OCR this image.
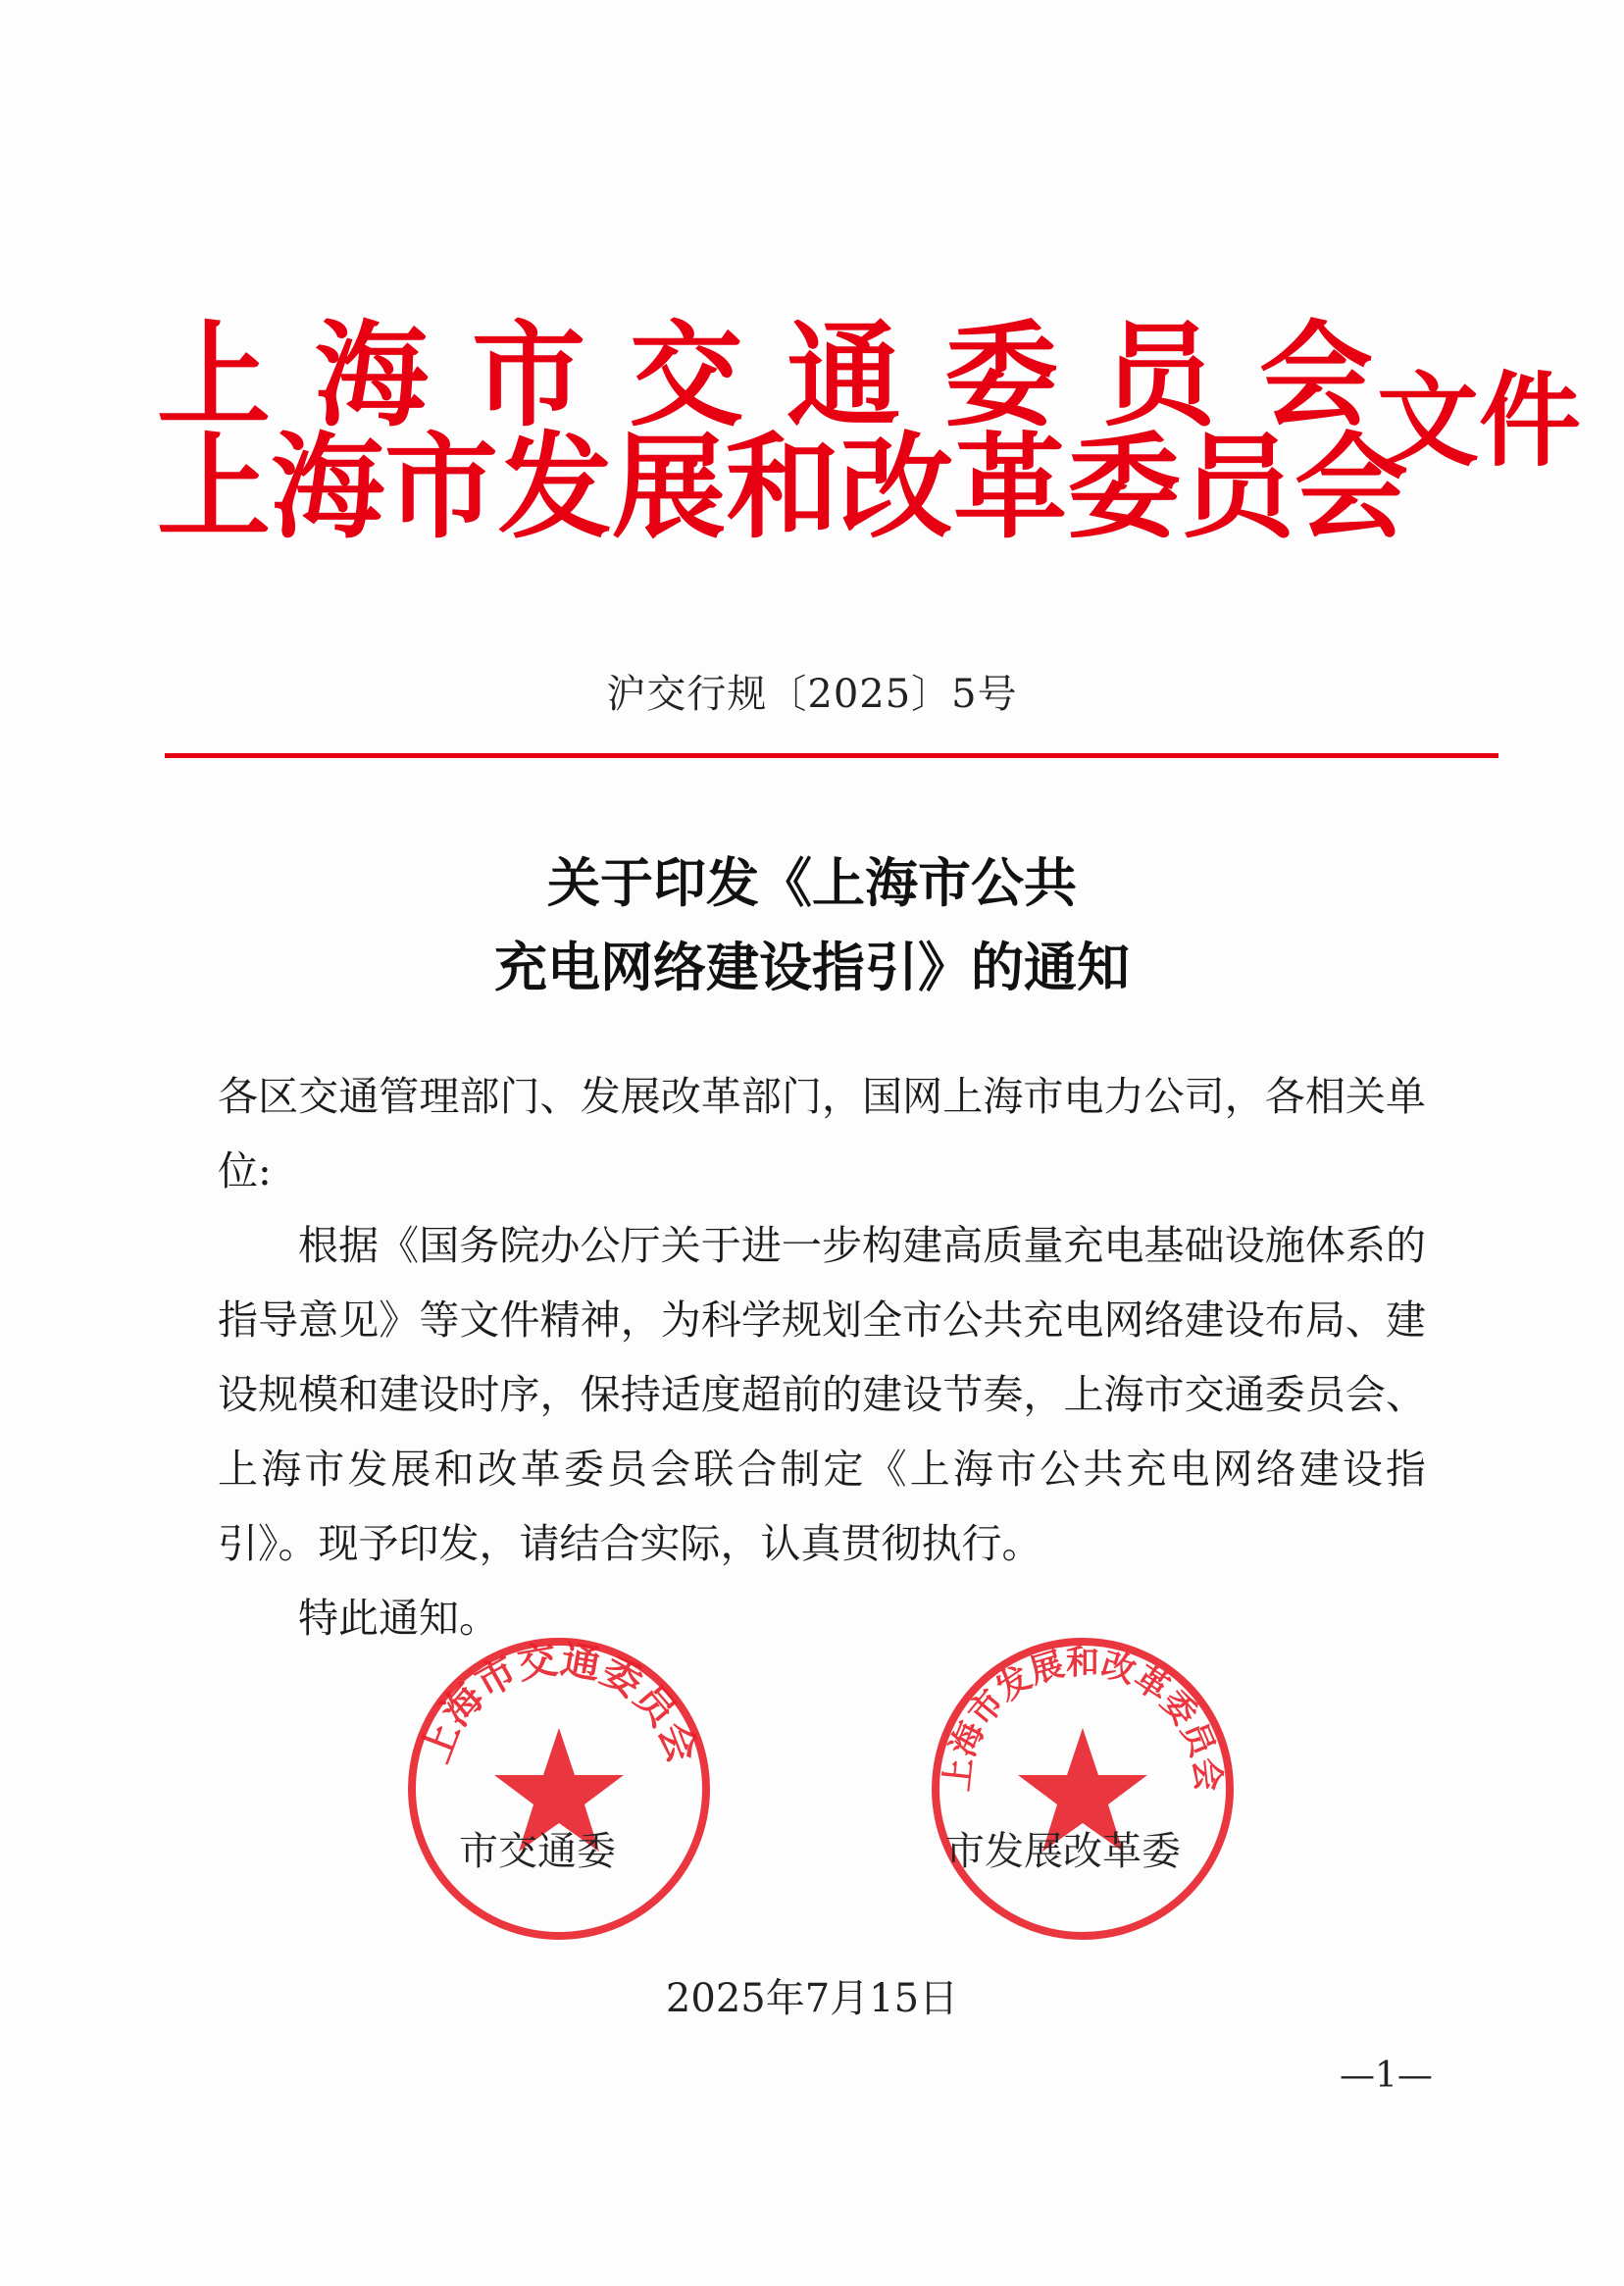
上 海 市 交 通 委 员 会
上 海 市 发 展 和 改 革 委 员 会
文件
沪交行规〔2025〕5号
关于印发《上海市公共
充电网络建设指引》的通知

各区交通管理部门、发展改革部门，国网上海市电力公司，各相关单位:

根据《国务院办公厅关于进一步构建高质量充电基础设施体系的指导意见》等文件精神，为科学规划全市公共充电网络建设布局、建设规模和建设时序，保持适度超前的建设节奏，上海市交通委员会、上海市发展和改革委员会联合制定《上海市公共充电网络建设指引》。现予印发，请结合实际，认真贯彻执行。

特此通知。

上海市交通委员会
上海市发展和改革委员会
市交通委	市发展改革委
2025年7月15日
—1—
